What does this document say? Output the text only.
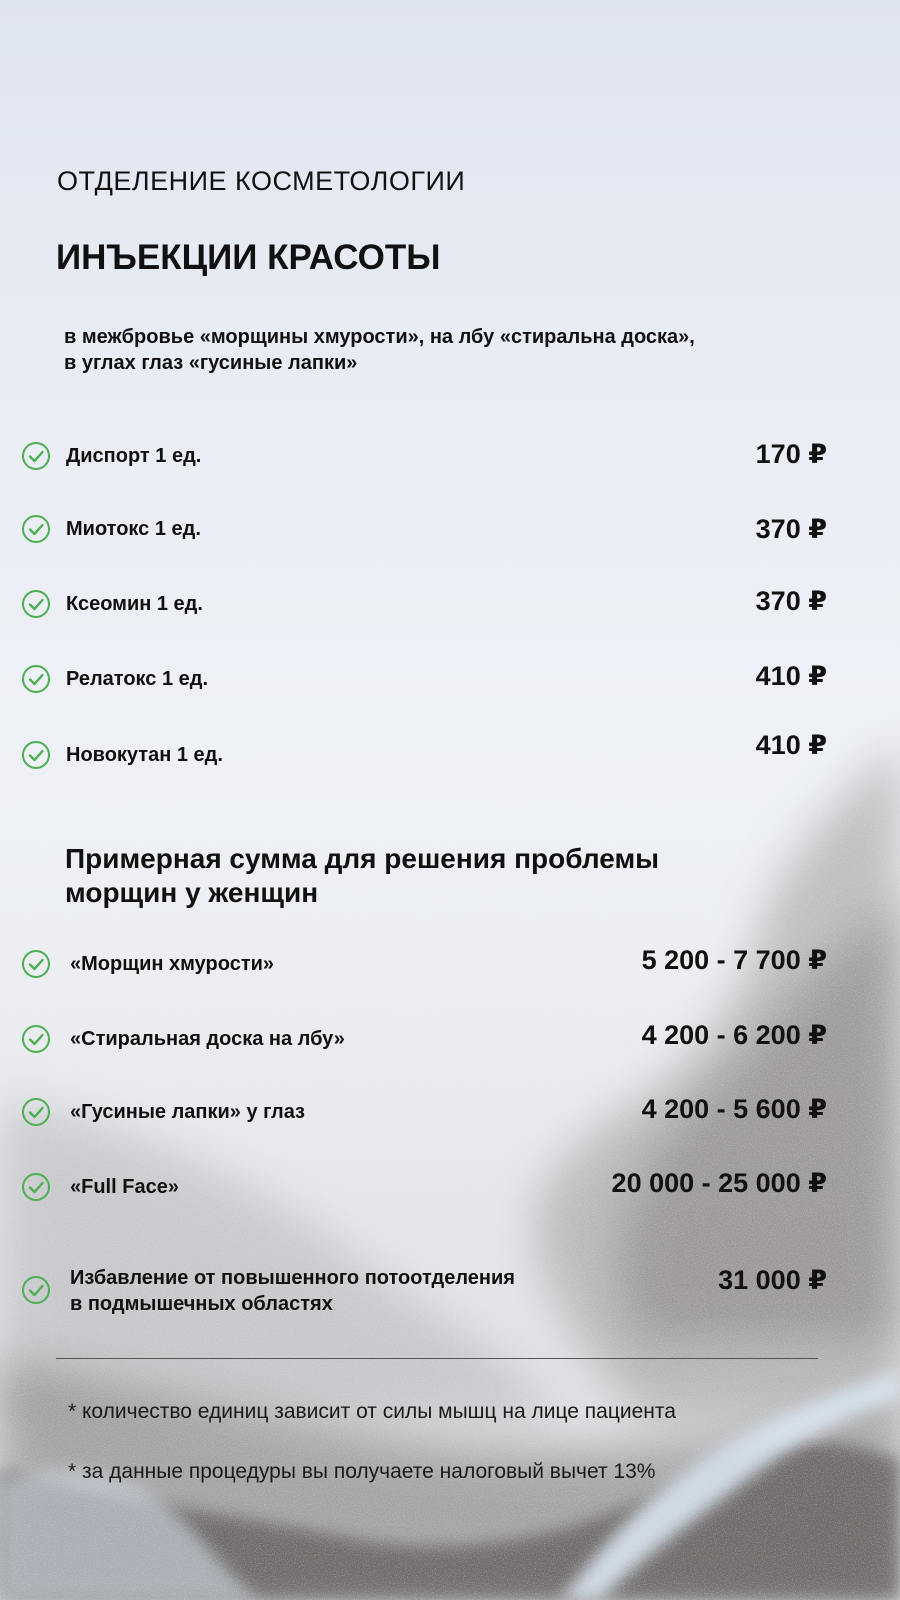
ОТДЕЛЕНИЕ КОСМЕТОЛОГИИ
ИНЪЕКЦИИ КРАСОТЫ
в межбровье «морщины хмурости», на лбу «стиральна доска»,
в углах глаз «гусиные лапки»
Диспорт 1 ед.	170 ₽
Миотокс 1 ед.	370 ₽
Ксеомин 1 ед.	370 ₽
Релатокс 1 ед.	410 ₽
Новокутан 1 ед.	410 ₽
Примерная сумма для решения проблемы
морщин у женщин
«Морщин хмурости»	5 200 - 7 700 ₽
«Стиральная доска на лбу»	4 200 - 6 200 ₽
«Гусиные лапки» у глаз	4 200 - 5 600 ₽
«Full Face»	20 000 - 25 000 ₽
Избавление от повышенного потоотделения
в подмышечных областях
31 000 ₽
* количество единиц зависит от силы мышц на лице пациента
* за данные процедуры вы получаете налоговый вычет 13%
